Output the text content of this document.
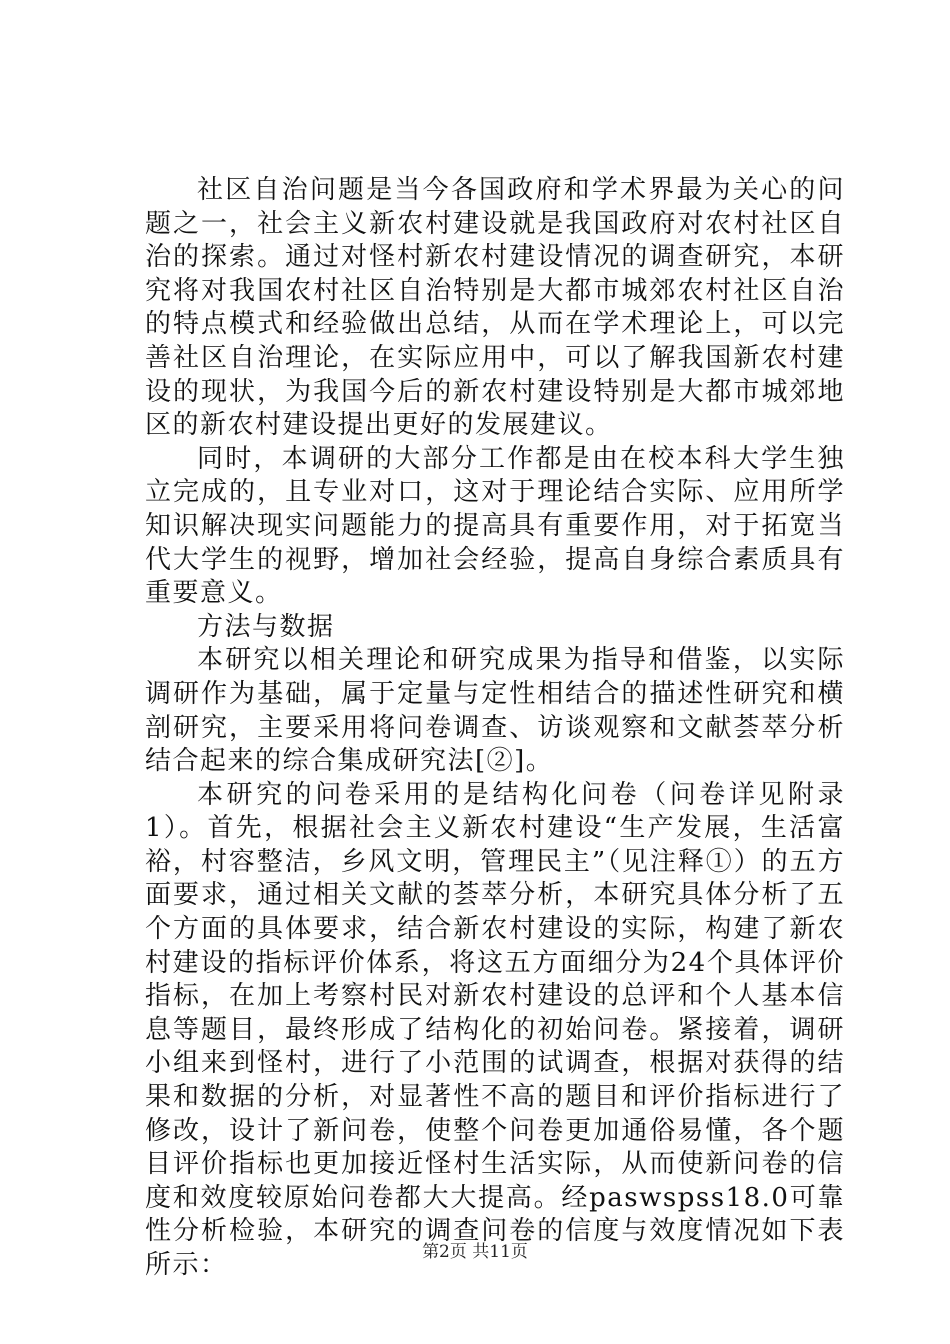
社区自治问题是当今各国政府和学术界最为关心的问题之一，社会主义新农村建设就是我国政府对农村社区自治的探索。通过对怪村新农村建设情况的调查研究，本研究将对我国农村社区自治特别是大都市城郊农村社区自治的特点模式和经验做出总结，从而在学术理论上，可以完善社区自治理论，在实际应用中，可以了解我国新农村建设的现状，为我国今后的新农村建设特别是大都市城郊地区的新农村建设提出更好的发展建议。

同时，本调研的大部分工作都是由在校本科大学生独立完成的，且专业对口，这对于理论结合实际、应用所学知识解决现实问题能力的提高具有重要作用，对于拓宽当代大学生的视野，增加社会经验，提高自身综合素质具有重要意义。

方法与数据

本研究以相关理论和研究成果为指导和借鉴，以实际调研作为基础，属于定量与定性相结合的描述性研究和横剖研究，主要采用将问卷调查、访谈观察和文献荟萃分析结合起来的综合集成研究法[②]。

本研究的问卷采用的是结构化问卷（问卷详见附录1）。首先，根据社会主义新农村建设“生产发展，生活富裕，村容整洁，乡风文明，管理民主”（见注释①）的五方面要求，通过相关文献的荟萃分析，本研究具体分析了五个方面的具体要求，结合新农村建设的实际，构建了新农村建设的指标评价体系，将这五方面细分为24个具体评价指标，在加上考察村民对新农村建设的总评和个人基本信息等题目，最终形成了结构化的初始问卷。紧接着，调研小组来到怪村，进行了小范围的试调查，根据对获得的结果和数据的分析，对显著性不高的题目和评价指标进行了修改，设计了新问卷，使整个问卷更加通俗易懂，各个题目评价指标也更加接近怪村生活实际，从而使新问卷的信度和效度较原始问卷都大大提高。经paswspss18.0可靠性分析检验，本研究的调查问卷的信度与效度情况如下表所示：	第2页 共11页
